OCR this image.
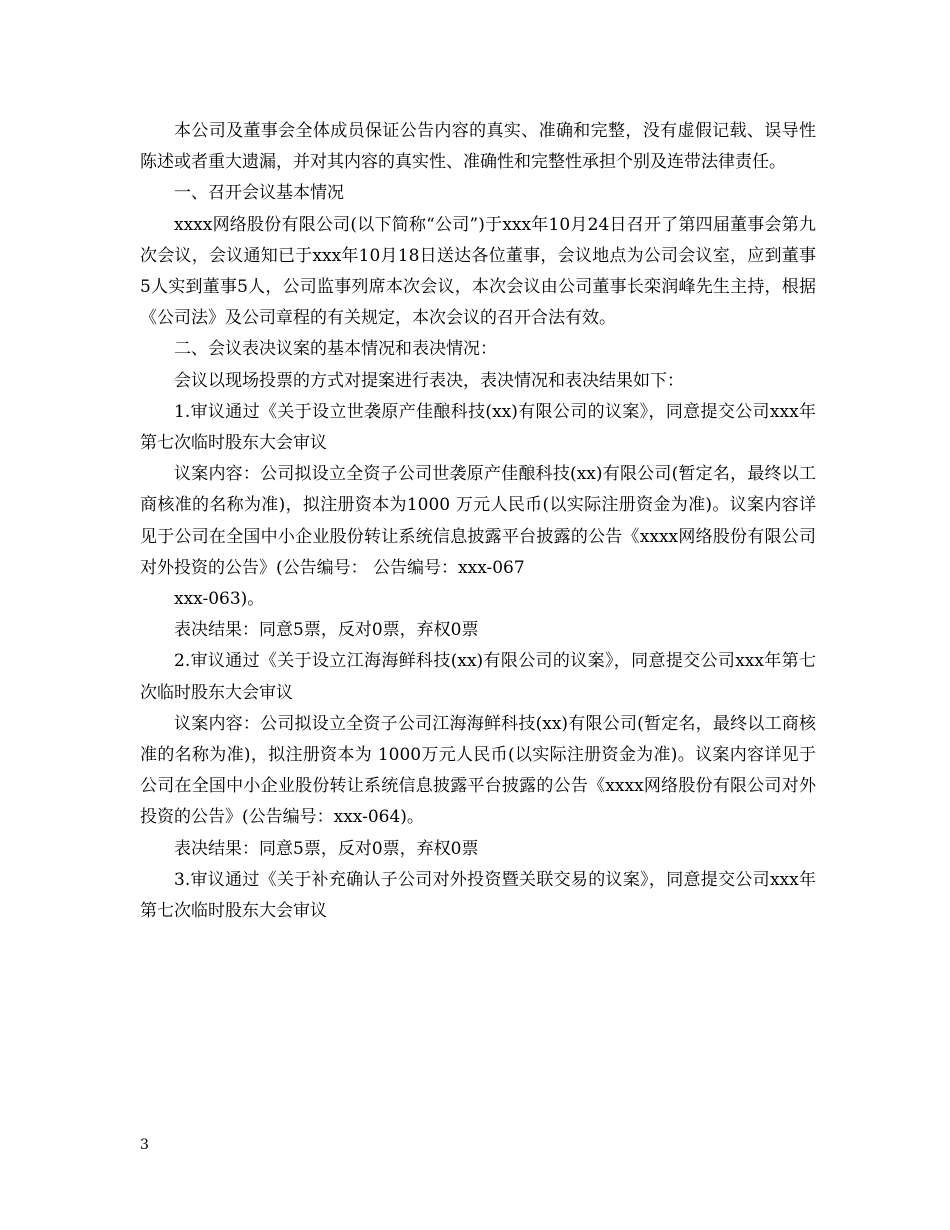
本公司及董事会全体成员保证公告内容的真实、准确和完整，没有虚假记载、误导性陈述或者重大遗漏，并对其内容的真实性、准确性和完整性承担个别及连带法律责任。

一、召开会议基本情况

xxxx网络股份有限公司(以下简称“公司”)于xxx年10月24日召开了第四届董事会第九次会议，会议通知已于xxx年10月18日送达各位董事，会议地点为公司会议室，应到董事5人实到董事5人，公司监事列席本次会议，本次会议由公司董事长栾润峰先生主持，根据《公司法》及公司章程的有关规定，本次会议的召开合法有效。

二、会议表决议案的基本情况和表决情况：

会议以现场投票的方式对提案进行表决，表决情况和表决结果如下：

1.审议通过《关于设立世袭原产佳酿科技(xx)有限公司的议案》，同意提交公司xxx年第七次临时股东大会审议

议案内容：公司拟设立全资子公司世袭原产佳酿科技(xx)有限公司(暂定名，最终以工商核准的名称为准)，拟注册资本为1000 万元人民币(以实际注册资金为准)。议案内容详见于公司在全国中小企业股份转让系统信息披露平台披露的公告《xxxx网络股份有限公司对外投资的公告》(公告编号： 公告编号：xxx-067

xxx-063)。

表决结果：同意5票，反对0票，弃权0票

2.审议通过《关于设立江海海鲜科技(xx)有限公司的议案》，同意提交公司xxx年第七次临时股东大会审议

议案内容：公司拟设立全资子公司江海海鲜科技(xx)有限公司(暂定名，最终以工商核准的名称为准)，拟注册资本为 1000万元人民币(以实际注册资金为准)。议案内容详见于公司在全国中小企业股份转让系统信息披露平台披露的公告《xxxx网络股份有限公司对外投资的公告》(公告编号：xxx-064)。

表决结果：同意5票，反对0票，弃权0票

3.审议通过《关于补充确认子公司对外投资暨关联交易的议案》，同意提交公司xxx年第七次临时股东大会审议

3
